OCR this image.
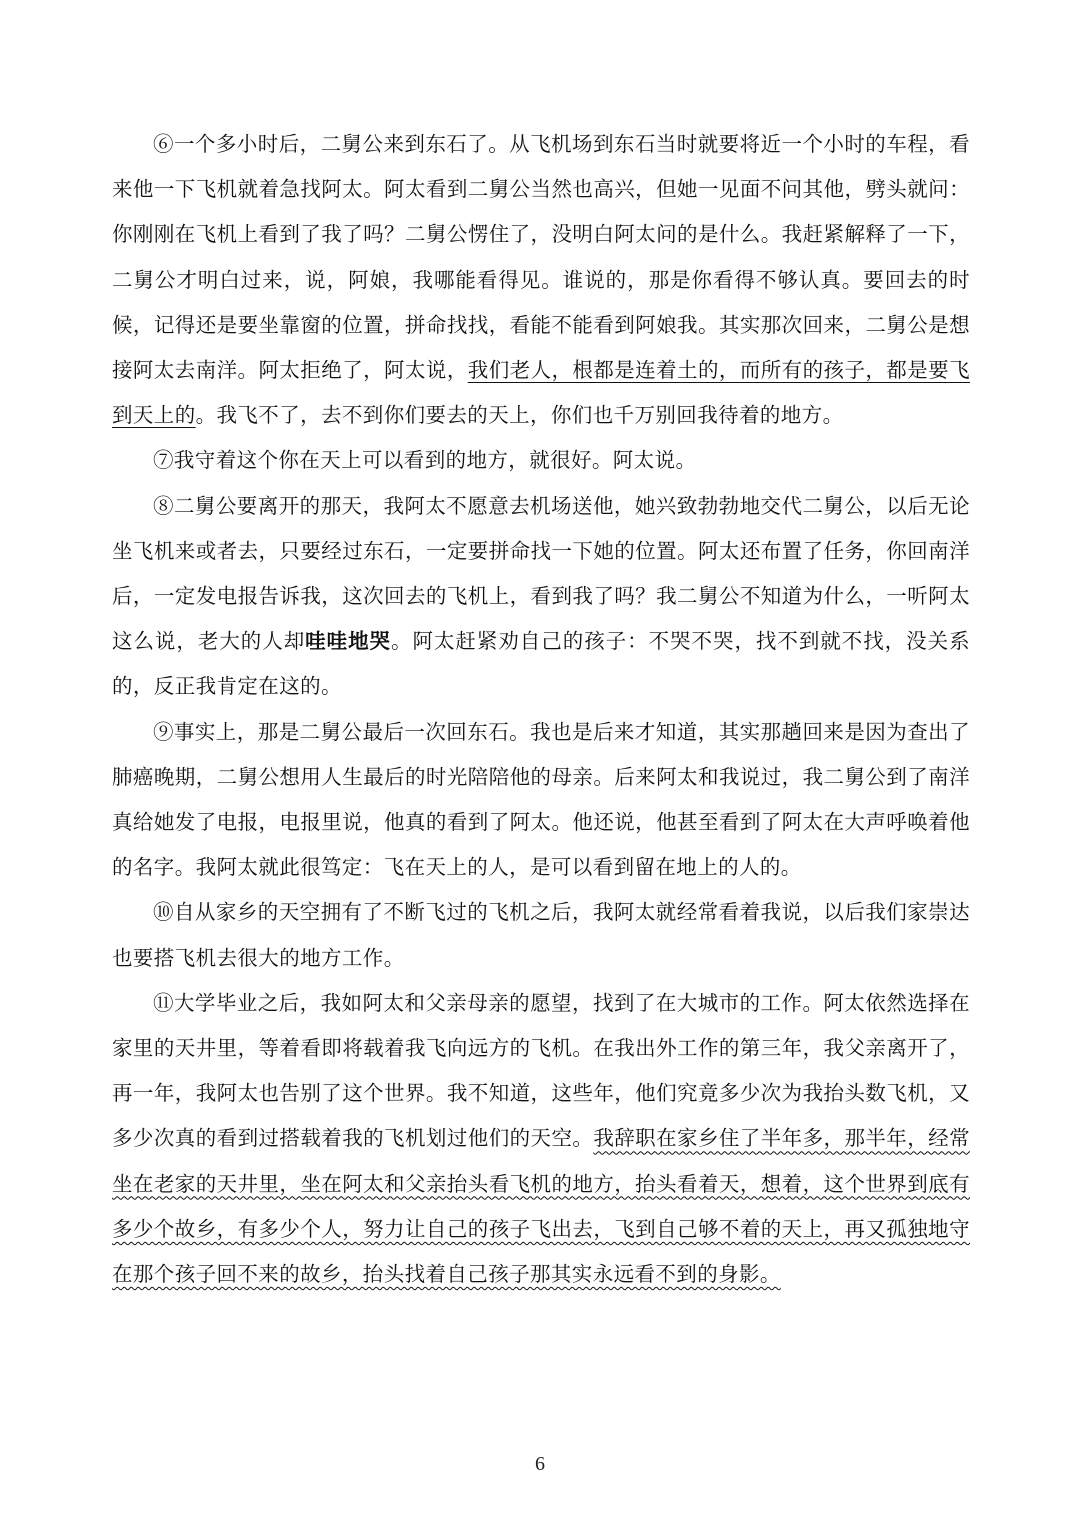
⑥一个多小时后，二舅公来到东石了。从飞机场到东石当时就要将近一个小时的车程，看来他一下飞机就着急找阿太。阿太看到二舅公当然也高兴，但她一见面不问其他，劈头就问：你刚刚在飞机上看到了我了吗？二舅公愣住了，没明白阿太问的是什么。我赶紧解释了一下，二舅公才明白过来，说，阿娘，我哪能看得见。谁说的，那是你看得不够认真。要回去的时候，记得还是要坐靠窗的位置，拼命找找，看能不能看到阿娘我。其实那次回来，二舅公是想接阿太去南洋。阿太拒绝了，阿太说，我们老人，根都是连着土的，而所有的孩子，都是要飞到天上的。我飞不了，去不到你们要去的天上，你们也千万别回我待着的地方。

⑦我守着这个你在天上可以看到的地方，就很好。阿太说。

⑧二舅公要离开的那天，我阿太不愿意去机场送他，她兴致勃勃地交代二舅公，以后无论坐飞机来或者去，只要经过东石，一定要拼命找一下她的位置。阿太还布置了任务，你回南洋后，一定发电报告诉我，这次回去的飞机上，看到我了吗？我二舅公不知道为什么，一听阿太这么说，老大的人却哇哇地哭。阿太赶紧劝自己的孩子：不哭不哭，找不到就不找，没关系的，反正我肯定在这的。

⑨事实上，那是二舅公最后一次回东石。我也是后来才知道，其实那趟回来是因为查出了肺癌晚期，二舅公想用人生最后的时光陪陪他的母亲。后来阿太和我说过，我二舅公到了南洋真给她发了电报，电报里说，他真的看到了阿太。他还说，他甚至看到了阿太在大声呼唤着他的名字。我阿太就此很笃定：飞在天上的人，是可以看到留在地上的人的。

⑩自从家乡的天空拥有了不断飞过的飞机之后，我阿太就经常看着我说，以后我们家崇达也要搭飞机去很大的地方工作。

⑪大学毕业之后，我如阿太和父亲母亲的愿望，找到了在大城市的工作。阿太依然选择在家里的天井里，等着看即将载着我飞向远方的飞机。在我出外工作的第三年，我父亲离开了，再一年，我阿太也告别了这个世界。我不知道，这些年，他们究竟多少次为我抬头数飞机，又多少次真的看到过搭载着我的飞机划过他们的天空。我辞职在家乡住了半年多，那半年，经常坐在老家的天井里，坐在阿太和父亲抬头看飞机的地方，抬头看着天，想着，这个世界到底有多少个故乡，有多少个人，努力让自己的孩子飞出去，飞到自己够不着的天上，再又孤独地守在那个孩子回不来的故乡，抬头找着自己孩子那其实永远看不到的身影。

6
